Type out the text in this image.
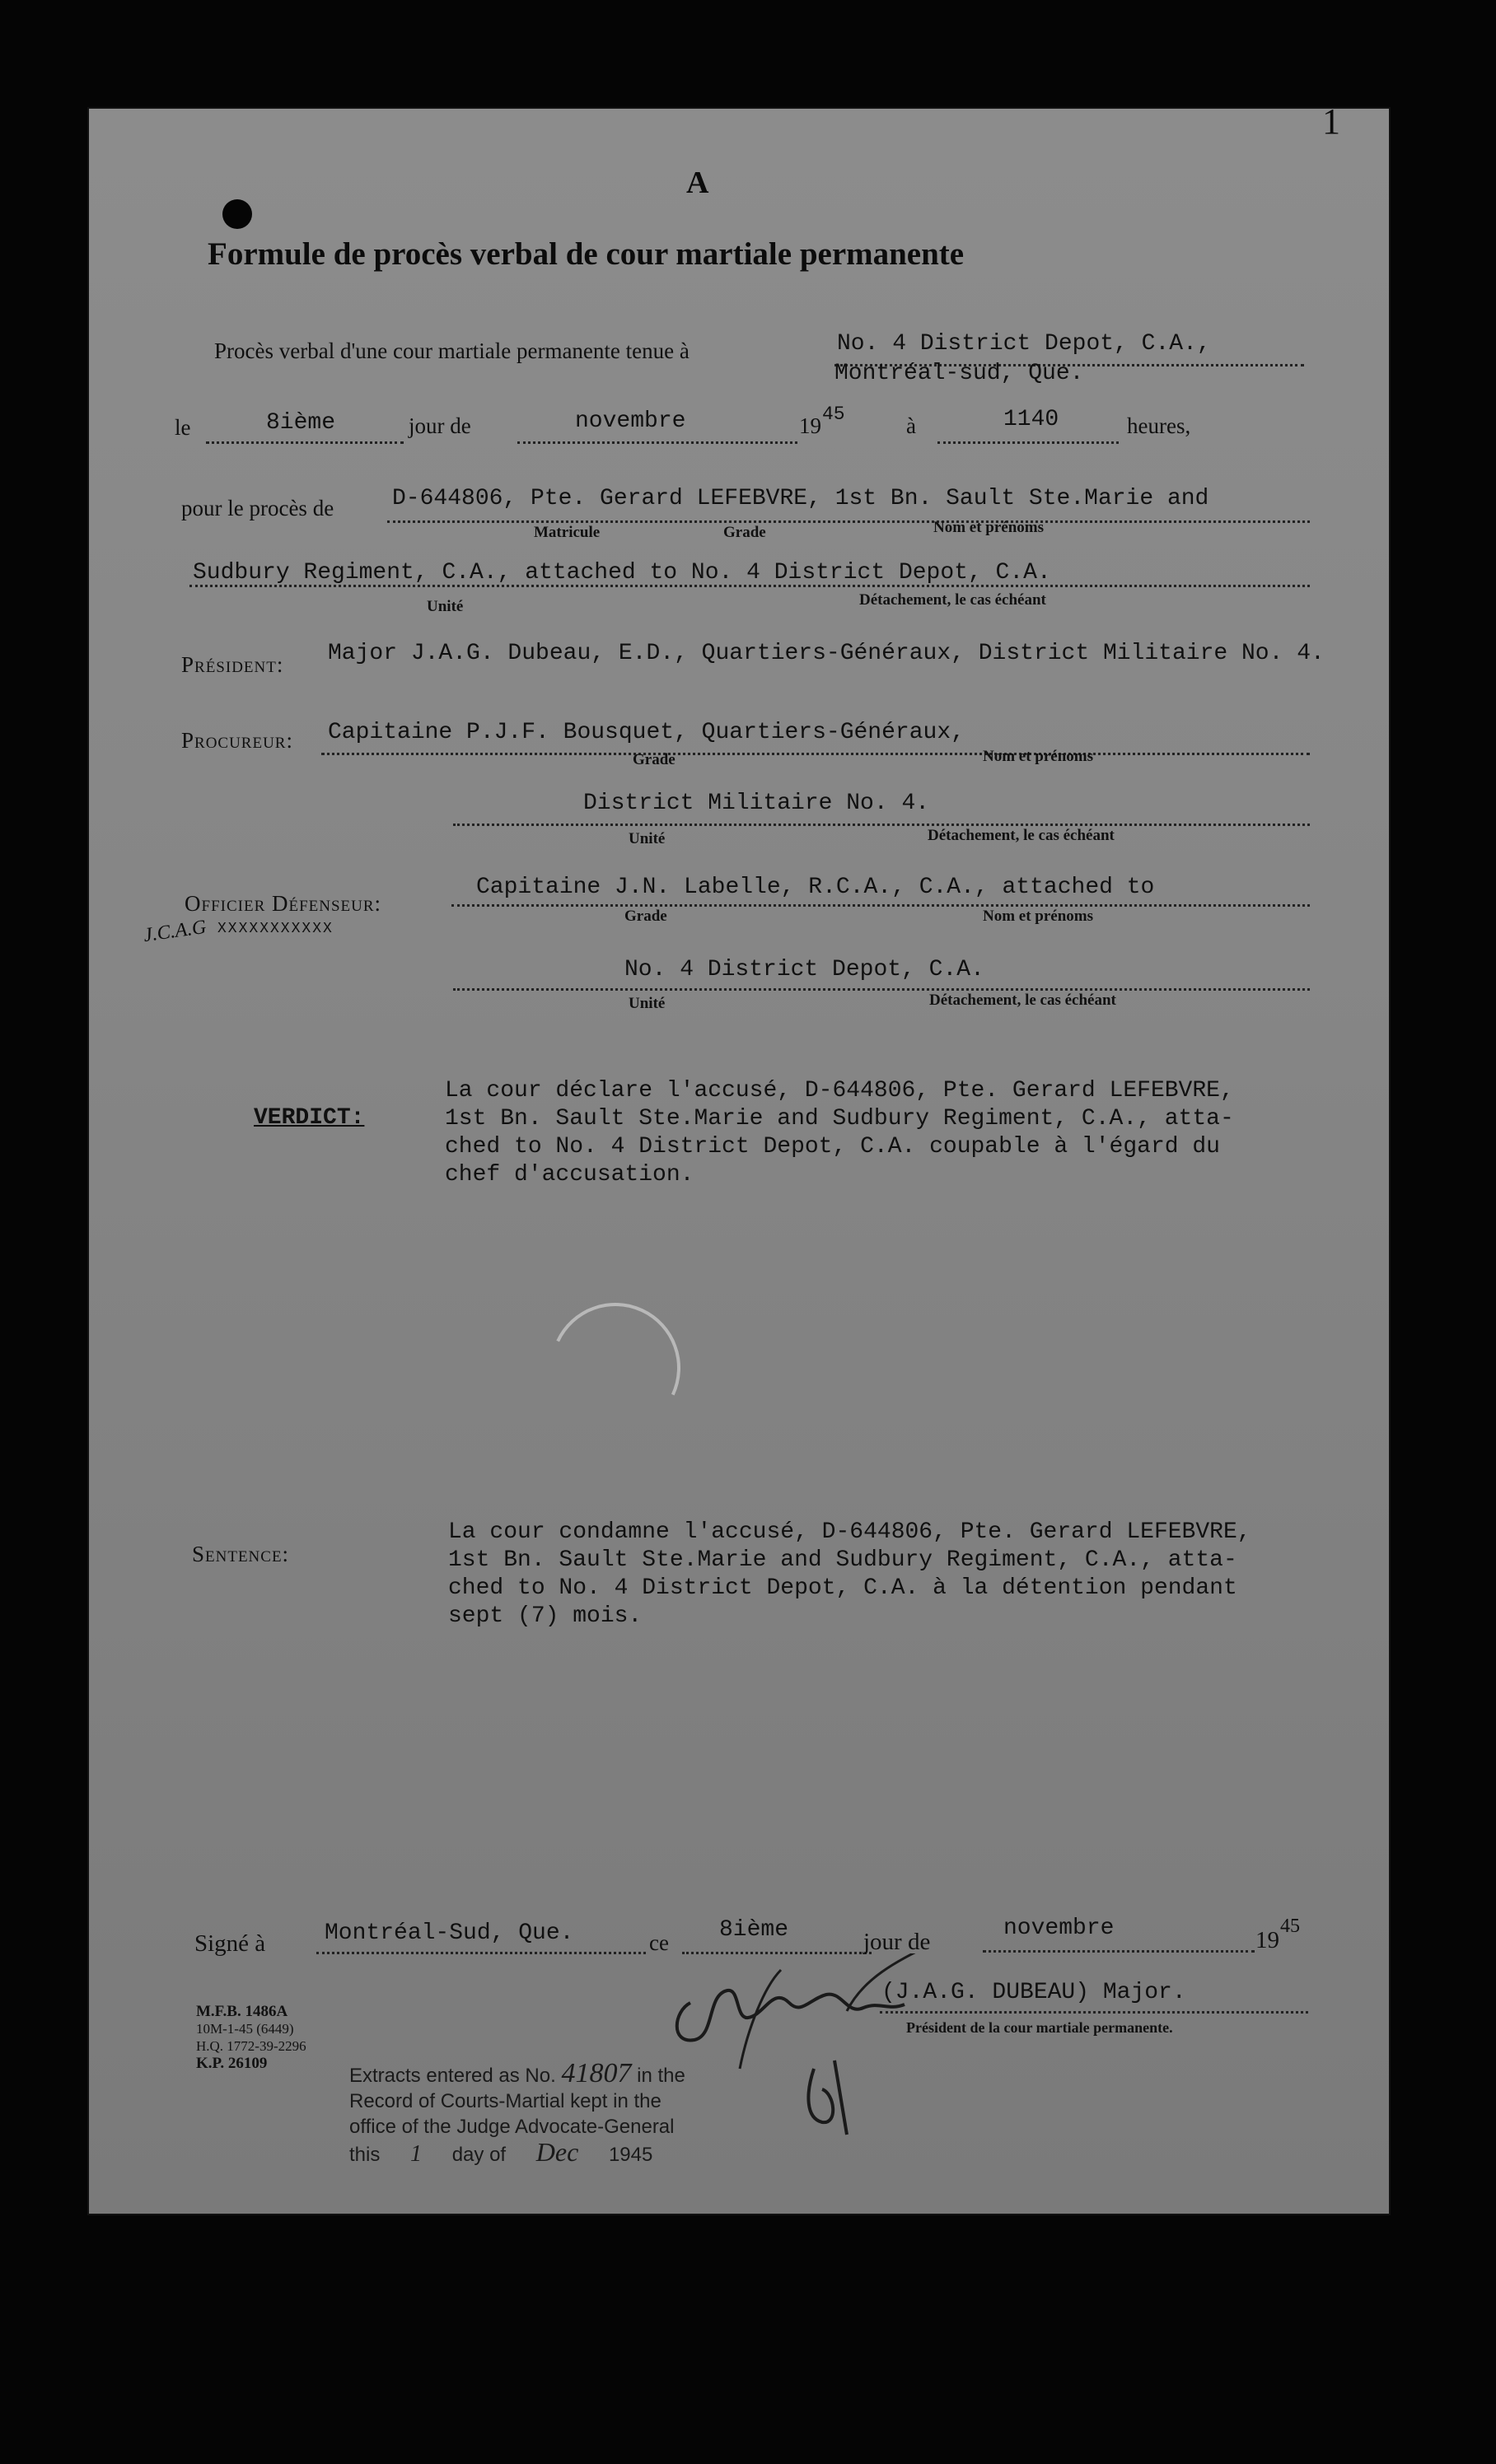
1
A
Formule de procès verbal de cour martiale permanente
Procès verbal d'une cour martiale permanente tenue à	No. 4 District Depot, C.A.,
Montréal-sud, Que.
le	8ième	jour de	novembre	19 45	à	1140	heures,
pour le procès de	D-644806, Pte. Gerard LEFEBVRE, 1st Bn. Sault Ste.Marie and
Matricule	Grade	Nom et prénoms
Sudbury Regiment, C.A., attached to No. 4 District Depot, C.A.
Unité	Détachement, le cas échéant
Président: Major J.A.G. Dubeau, E.D., Quartiers-Généraux, District Militaire No. 4.
Procureur: Capitaine P.J.F. Bousquet, Quartiers-Généraux,
Grade	Nom et prénoms
District Militaire No. 4.
Unité	Détachement, le cas échéant
Officier Défenseur:
J.C.A.G XXXXXXXXXXX
Capitaine J.N. Labelle, R.C.A., C.A., attached to
Grade	Nom et prénoms
No. 4 District Depot, C.A.
Unité	Détachement, le cas échéant
VERDICT:
La cour déclare l'accusé, D-644806, Pte. Gerard LEFEBVRE,
1st Bn. Sault Ste.Marie and Sudbury Regiment, C.A., atta-
ched to No. 4 District Depot, C.A. coupable à l'égard du
chef d'accusation.
Sentence:
La cour condamne l'accusé, D-644806, Pte. Gerard LEFEBVRE,
1st Bn. Sault Ste.Marie and Sudbury Regiment, C.A., atta-
ched to No. 4 District Depot, C.A. à la détention pendant
sept (7) mois.
Signé à	Montréal-Sud, Que.	ce 8ième	jour de
novembre	19
45
(J.A.G. DUBEAU) Major.
Président de la cour martiale permanente.
M.F.B. 1486A
10M-1-45 (6449)
H.Q. 1772-39-2296
K.P. 26109
Extracts entered as No. 41807 in the
Record of Courts-Martial kept in the
office of the Judge Advocate-General
this 1 day of Dec 1945
